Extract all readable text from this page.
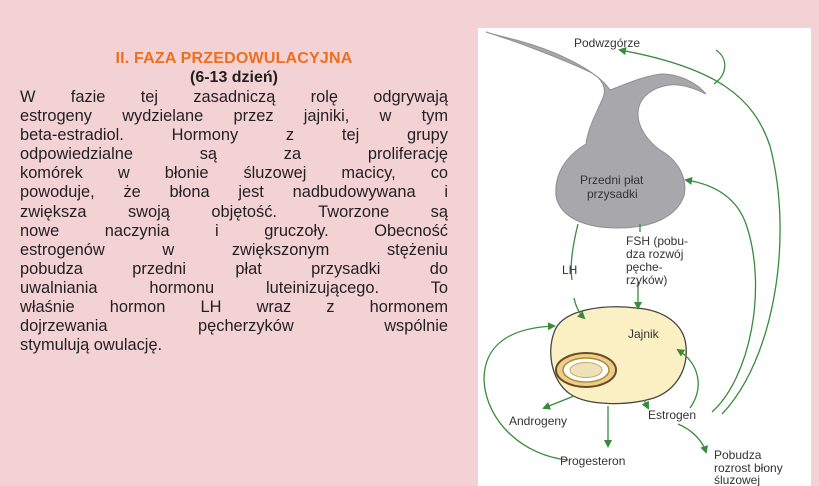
II. FAZA PRZEDOWULACYJNA
(6-13 dzień)
W fazie tej zasadniczą rolę odgrywają
estrogeny wydzielane przez jajniki, w tym
beta-estradiol. Hormony z tej grupy
odpowiedzialne są za proliferację
komórek w błonie śluzowej macicy, co
powoduje, że błona jest nadbudowywana i
zwiększa swoją objętość. Tworzone są
nowe naczynia i gruczoły. Obecność
estrogenów w zwiększonym stężeniu
pobudza przedni płat przysadki do
uwalniania hormonu luteinizującego. To
właśnie hormon LH wraz z hormonem
dojrzewania pęcherzyków wspólnie
stymulują owulację.
Podwzgórze
Przedni płat
przysadki
LH
FSH (pobu-
dza rozwój
pęche-
rzyków)
Jajnik
Androgeny	Estrogen
Progesteron	Pobudza
rozrost błony
śluzowej
